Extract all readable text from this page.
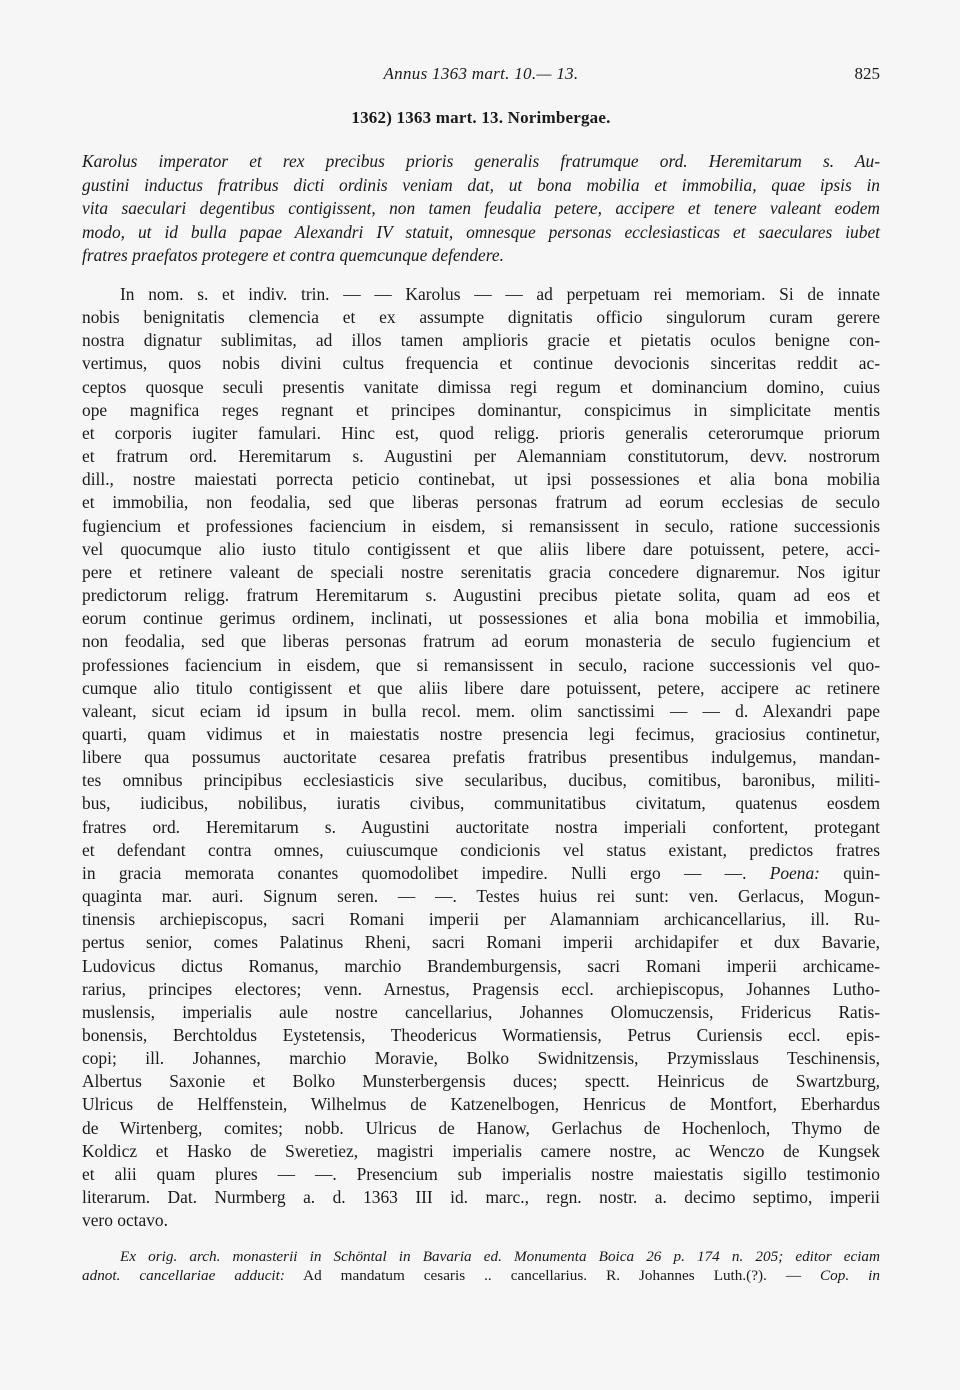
Annus 1363 mart. 10.— 13.	825
1362) 1363 mart. 13. Norimbergae.
Karolus imperator et rex precibus prioris generalis fratrumque ord. Heremitarum s. Au-
gustini inductus fratribus dicti ordinis veniam dat, ut bona mobilia et immobilia, quae ipsis in
vita saeculari degentibus contigissent, non tamen feudalia petere, accipere et tenere valeant eodem
modo, ut id bulla papae Alexandri IV statuit, omnesque personas ecclesiasticas et saeculares iubet
fratres praefatos protegere et contra quemcunque defendere.
In nom. s. et indiv. trin. — — Karolus — — ad perpetuam rei memoriam. Si de innate
nobis benignitatis clemencia et ex assumpte dignitatis officio singulorum curam gerere
nostra dignatur sublimitas, ad illos tamen amplioris gracie et pietatis oculos benigne con-
vertimus, quos nobis divini cultus frequencia et continue devocionis sinceritas reddit ac-
ceptos quosque seculi presentis vanitate dimissa regi regum et dominancium domino, cuius
ope magnifica reges regnant et principes dominantur, conspicimus in simplicitate mentis
et corporis iugiter famulari. Hinc est, quod religg. prioris generalis ceterorumque priorum
et fratrum ord. Heremitarum s. Augustini per Alemanniam constitutorum, devv. nostrorum
dill., nostre maiestati porrecta peticio continebat, ut ipsi possessiones et alia bona mobilia
et immobilia, non feodalia, sed que liberas personas fratrum ad eorum ecclesias de seculo
fugiencium et professiones faciencium in eisdem, si remansissent in seculo, ratione successionis
vel quocumque alio iusto titulo contigissent et que aliis libere dare potuissent, petere, acci-
pere et retinere valeant de speciali nostre serenitatis gracia concedere dignaremur. Nos igitur
predictorum religg. fratrum Heremitarum s. Augustini precibus pietate solita, quam ad eos et
eorum continue gerimus ordinem, inclinati, ut possessiones et alia bona mobilia et immobilia,
non feodalia, sed que liberas personas fratrum ad eorum monasteria de seculo fugiencium et
professiones faciencium in eisdem, que si remansissent in seculo, racione successionis vel quo-
cumque alio titulo contigissent et que aliis libere dare potuissent, petere, accipere ac retinere
valeant, sicut eciam id ipsum in bulla recol. mem. olim sanctissimi — — d. Alexandri pape
quarti, quam vidimus et in maiestatis nostre presencia legi fecimus, graciosius continetur,
libere qua possumus auctoritate cesarea prefatis fratribus presentibus indulgemus, mandan-
tes omnibus principibus ecclesiasticis sive secularibus, ducibus, comitibus, baronibus, militi-
bus, iudicibus, nobilibus, iuratis civibus, communitatibus civitatum, quatenus eosdem
fratres ord. Heremitarum s. Augustini auctoritate nostra imperiali confortent, protegant
et defendant contra omnes, cuiuscumque condicionis vel status existant, predictos fratres
in gracia memorata conantes quomodolibet impedire. Nulli ergo — —. Poena: quin-
quaginta mar. auri. Signum seren. — —. Testes huius rei sunt: ven. Gerlacus, Mogun-
tinensis archiepiscopus, sacri Romani imperii per Alamanniam archicancellarius, ill. Ru-
pertus senior, comes Palatinus Rheni, sacri Romani imperii archidapifer et dux Bavarie,
Ludovicus dictus Romanus, marchio Brandemburgensis, sacri Romani imperii archicame-
rarius, principes electores; venn. Arnestus, Pragensis eccl. archiepiscopus, Johannes Lutho-
muslensis, imperialis aule nostre cancellarius, Johannes Olomuczensis, Fridericus Ratis-
bonensis, Berchtoldus Eystetensis, Theodericus Wormatiensis, Petrus Curiensis eccl. epis-
copi; ill. Johannes, marchio Moravie, Bolko Swidnitzensis, Przymisslaus Teschinensis,
Albertus Saxonie et Bolko Munsterbergensis duces; spectt. Heinricus de Swartzburg,
Ulricus de Helffenstein, Wilhelmus de Katzenelbogen, Henricus de Montfort, Eberhardus
de Wirtenberg, comites; nobb. Ulricus de Hanow, Gerlachus de Hochenloch, Thymo de
Koldicz et Hasko de Sweretiez, magistri imperialis camere nostre, ac Wenczo de Kungsek
et alii quam plures — —. Presencium sub imperialis nostre maiestatis sigillo testimonio
literarum. Dat. Nurmberg a. d. 1363 III id. marc., regn. nostr. a. decimo septimo, imperii
vero octavo.
Ex orig. arch. monasterii in Schöntal in Bavaria ed. Monumenta Boica 26 p. 174 n. 205; editor eciam
adnot. cancellariae adducit: Ad mandatum cesaris .. cancellarius. R. Johannes Luth.(?). — Cop. in
